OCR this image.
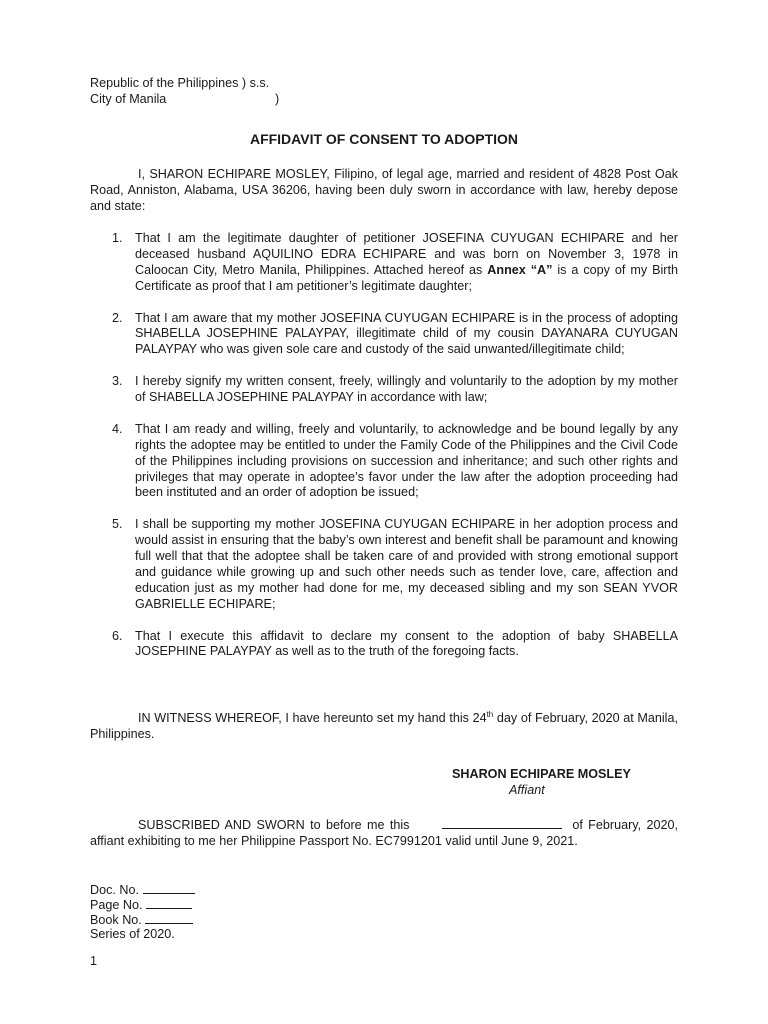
Republic of the Philippines ) s.s.
City of Manila	)
AFFIDAVIT OF CONSENT TO ADOPTION
I, SHARON ECHIPARE MOSLEY, Filipino, of legal age, married and resident of 4828 Post Oak Road, Anniston, Alabama, USA 36206, having been duly sworn in accordance with law, hereby depose and state:
1. That I am the legitimate daughter of petitioner JOSEFINA CUYUGAN ECHIPARE and her deceased husband AQUILINO EDRA ECHIPARE and was born on November 3, 1978 in Caloocan City, Metro Manila, Philippines. Attached hereof as Annex “A” is a copy of my Birth Certificate as proof that I am petitioner’s legitimate daughter;
2. That I am aware that my mother JOSEFINA CUYUGAN ECHIPARE is in the process of adopting SHABELLA JOSEPHINE PALAYPAY, illegitimate child of my cousin DAYANARA CUYUGAN PALAYPAY who was given sole care and custody of the said unwanted/illegitimate child;
3. I hereby signify my written consent, freely, willingly and voluntarily to the adoption by my mother of SHABELLA JOSEPHINE PALAYPAY in accordance with law;
4. That I am ready and willing, freely and voluntarily, to acknowledge and be bound legally by any rights the adoptee may be entitled to under the Family Code of the Philippines and the Civil Code of the Philippines including provisions on succession and inheritance; and such other rights and privileges that may operate in adoptee’s favor under the law after the adoption proceeding had been instituted and an order of adoption be issued;
5. I shall be supporting my mother JOSEFINA CUYUGAN ECHIPARE in her adoption process and would assist in ensuring that the baby’s own interest and benefit shall be paramount and knowing full well that that the adoptee shall be taken care of and provided with strong emotional support and guidance while growing up and such other needs such as tender love, care, affection and education just as my mother had done for me, my deceased sibling and my son SEAN YVOR GABRIELLE ECHIPARE;
6. That I execute this affidavit to declare my consent to the adoption of baby SHABELLA JOSEPHINE PALAYPAY as well as to the truth of the foregoing facts.
IN WITNESS WHEREOF, I have hereunto set my hand this 24th day of February, 2020 at Manila, Philippines.
SHARON ECHIPARE MOSLEY
Affiant
SUBSCRIBED AND SWORN to before me this	of February, 2020, affiant exhibiting to me her Philippine Passport No. EC7991201 valid until June 9, 2021.
Doc. No.
Page No.
Book No.
Series of 2020.
1
